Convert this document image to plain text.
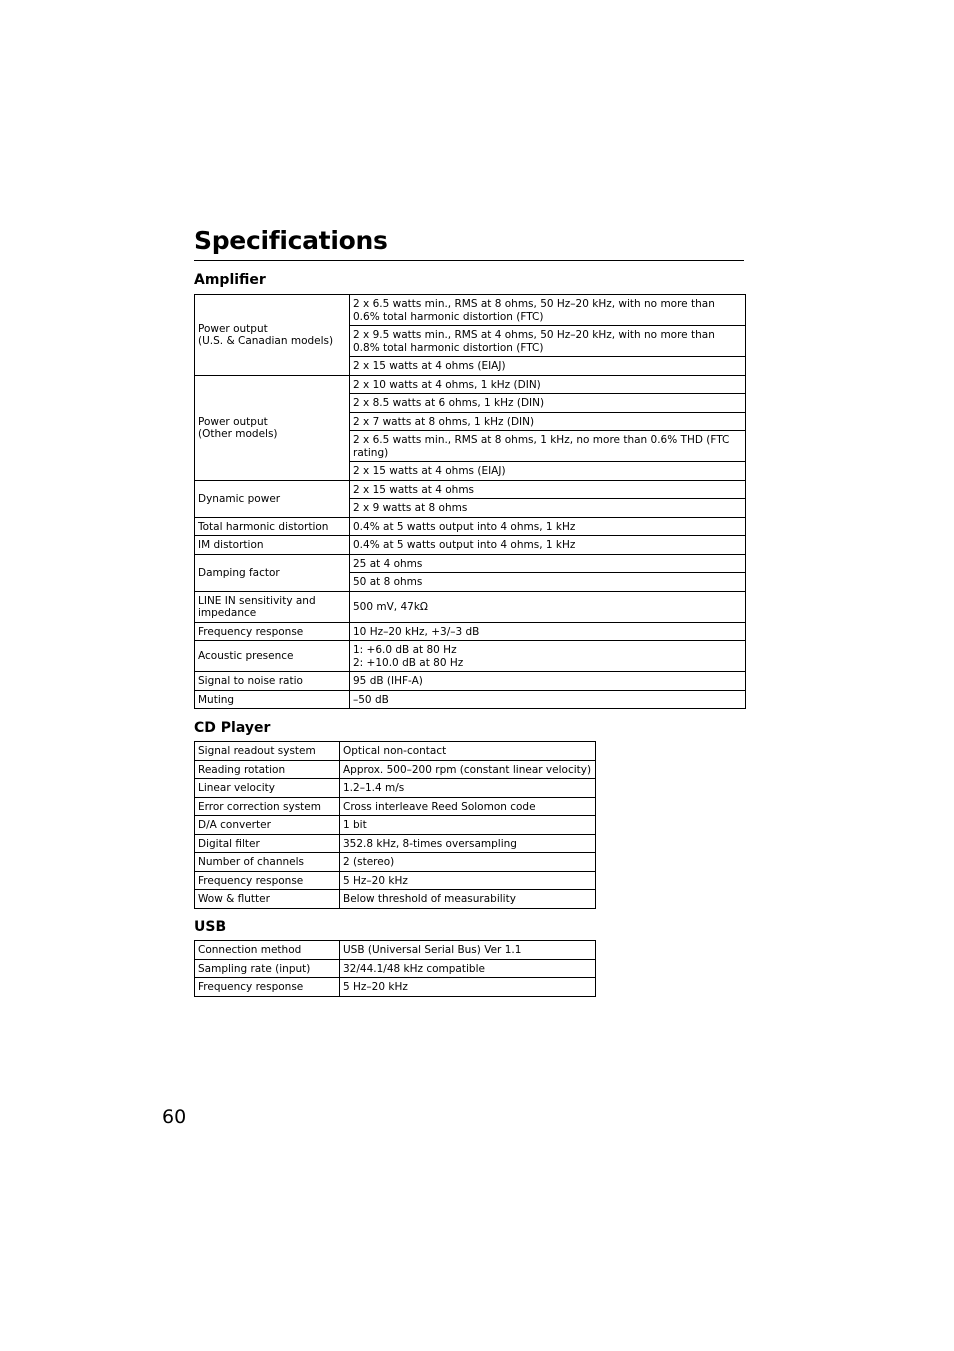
Specifications
Amplifier
Power output
(U.S. & Canadian models)	2 x 6.5 watts min., RMS at 8 ohms, 50 Hz–20 kHz, with no more than 0.6% total harmonic distortion (FTC)
	2 x 9.5 watts min., RMS at 4 ohms, 50 Hz–20 kHz, with no more than 0.8% total harmonic distortion (FTC)
	2 x 15 watts at 4 ohms (EIAJ)
Power output
(Other models)	2 x 10 watts at 4 ohms, 1 kHz (DIN)
	2 x 8.5 watts at 6 ohms, 1 kHz (DIN)
	2 x 7 watts at 8 ohms, 1 kHz (DIN)
	2 x 6.5 watts min., RMS at 8 ohms, 1 kHz, no more than 0.6% THD (FTC rating)
	2 x 15 watts at 4 ohms (EIAJ)
Dynamic power	2 x 15 watts at 4 ohms
	2 x 9 watts at 8 ohms
Total harmonic distortion	0.4% at 5 watts output into 4 ohms, 1 kHz
IM distortion	0.4% at 5 watts output into 4 ohms, 1 kHz
Damping factor	25 at 4 ohms
	50 at 8 ohms
LINE IN sensitivity and impedance	500 mV, 47kΩ
Frequency response	10 Hz–20 kHz, +3/–3 dB
Acoustic presence	1: +6.0 dB at 80 Hz
2: +10.0 dB at 80 Hz
Signal to noise ratio	95 dB (IHF-A)
Muting	–50 dB
CD Player
Signal readout system	Optical non-contact
Reading rotation	Approx. 500–200 rpm (constant linear velocity)
Linear velocity	1.2–1.4 m/s
Error correction system	Cross interleave Reed Solomon code
D/A converter	1 bit
Digital filter	352.8 kHz, 8-times oversampling
Number of channels	2 (stereo)
Frequency response	5 Hz–20 kHz
Wow & flutter	Below threshold of measurability
USB
Connection method	USB (Universal Serial Bus) Ver 1.1
Sampling rate (input)	32/44.1/48 kHz compatible
Frequency response	5 Hz–20 kHz
60
